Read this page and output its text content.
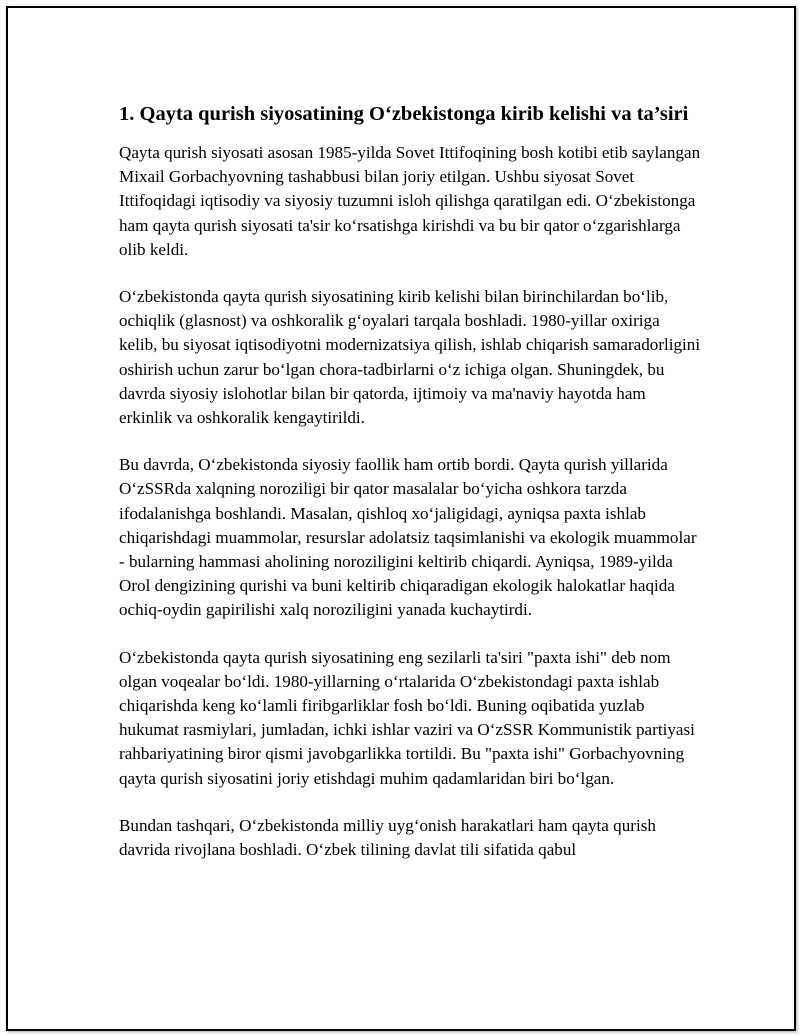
1. Qayta qurish siyosatining O‘zbekistonga kirib kelishi va ta’siri

Qayta qurish siyosati asosan 1985-yilda Sovet Ittifoqining bosh kotibi etib saylangan Mixail Gorbachyovning tashabbusi bilan joriy etilgan. Ushbu siyosat Sovet Ittifoqidagi iqtisodiy va siyosiy tuzumni isloh qilishga qaratilgan edi. O‘zbekistonga ham qayta qurish siyosati ta'sir ko‘rsatishga kirishdi va bu bir qator o‘zgarishlarga olib keldi.

O‘zbekistonda qayta qurish siyosatining kirib kelishi bilan birinchilardan bo‘lib, ochiqlik (glasnost) va oshkoralik g‘oyalari tarqala boshladi. 1980-yillar oxiriga kelib, bu siyosat iqtisodiyotni modernizatsiya qilish, ishlab chiqarish samaradorligini oshirish uchun zarur bo‘lgan chora-tadbirlarni o‘z ichiga olgan. Shuningdek, bu davrda siyosiy islohotlar bilan bir qatorda, ijtimoiy va ma'naviy hayotda ham erkinlik va oshkoralik kengaytirildi.

Bu davrda, O‘zbekistonda siyosiy faollik ham ortib bordi. Qayta qurish yillarida O‘zSSRda xalqning noroziligi bir qator masalalar bo‘yicha oshkora tarzda ifodalanishga boshlandi. Masalan, qishloq xo‘jaligidagi, ayniqsa paxta ishlab chiqarishdagi muammolar, resurslar adolatsiz taqsimlanishi va ekologik muammolar - bularning hammasi aholining noroziligini keltirib chiqardi. Ayniqsa, 1989-yilda Orol dengizining qurishi va buni keltirib chiqaradigan ekologik halokatlar haqida ochiq-oydin gapirilishi xalq noroziligini yanada kuchaytirdi.

O‘zbekistonda qayta qurish siyosatining eng sezilarli ta'siri "paxta ishi" deb nom olgan voqealar bo‘ldi. 1980-yillarning o‘rtalarida O‘zbekistondagi paxta ishlab chiqarishda keng ko‘lamli firibgarliklar fosh bo‘ldi. Buning oqibatida yuzlab hukumat rasmiylari, jumladan, ichki ishlar vaziri va O‘zSSR Kommunistik partiyasi rahbariyatining biror qismi javobgarlikka tortildi. Bu "paxta ishi" Gorbachyovning qayta qurish siyosatini joriy etishdagi muhim qadamlaridan biri bo‘lgan.

Bundan tashqari, O‘zbekistonda milliy uyg‘onish harakatlari ham qayta qurish davrida rivojlana boshladi. O‘zbek tilining davlat tili sifatida qabul
